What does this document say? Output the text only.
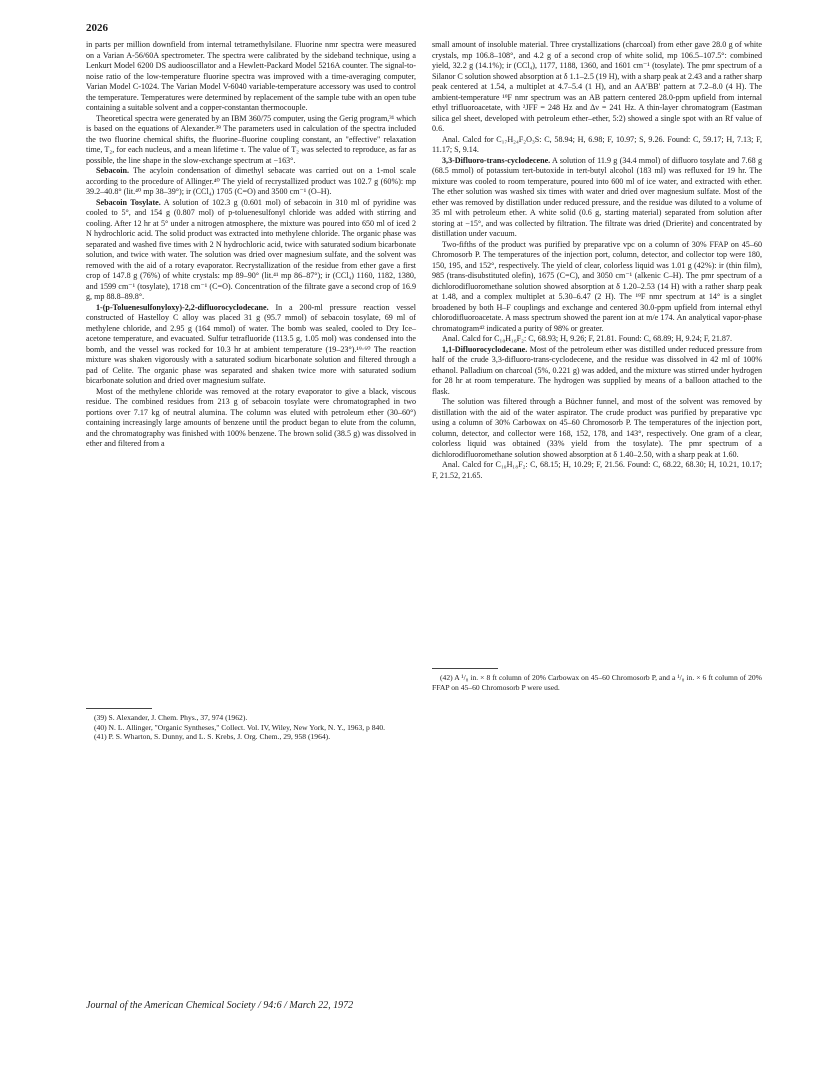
2026

in parts per million downfield from internal tetramethylsilane. Fluorine nmr spectra were measured on a Varian A-56/60A spectrometer. The spectra were calibrated by the sideband technique, using a Lenkurt Model 6200 DS audiooscillator and a Hewlett-Packard Model 5216A counter. The signal-to-noise ratio of the low-temperature fluorine spectra was improved with a time-averaging computer, Varian Model C-1024. The Varian Model V-6040 variable-temperature accessory was used to control the temperature. Temperatures were determined by replacement of the sample tube with an open tube containing a suitable solvent and a copper-constantan thermocouple.

Theoretical spectra were generated by an IBM 360/75 computer, using the Gerig program,³¹ which is based on the equations of Alexander.³⁹ The parameters used in calculation of the spectra included the two fluorine chemical shifts, the fluorine–fluorine coupling constant, an "effective" relaxation time, T₂, for each nucleus, and a mean lifetime τ. The value of T₂ was selected to reproduce, as far as possible, the line shape in the slow-exchange spectrum at −163°.

Sebacoin. The acyloin condensation of dimethyl sebacate was carried out on a 1-mol scale according to the procedure of Allinger.⁴⁰ The yield of recrystallized product was 102.7 g (60%): mp 39.2–40.8° (lit.⁴⁰ mp 38–39°); ir (CCl₄) 1705 (C=O) and 3500 cm⁻¹ (O–H).

Sebacoin Tosylate. A solution of 102.3 g (0.601 mol) of sebacoin in 310 ml of pyridine was cooled to 5°, and 154 g (0.807 mol) of p-toluenesulfonyl chloride was added with stirring and cooling. After 12 hr at 5° under a nitrogen atmosphere, the mixture was poured into 650 ml of iced 2 N hydrochloric acid. The solid product was extracted into methylene chloride. The organic phase was separated and washed five times with 2 N hydrochloric acid, twice with saturated sodium bicarbonate solution, and twice with water. The solution was dried over magnesium sulfate, and the solvent was removed with the aid of a rotary evaporator. Recrystallization of the residue from ether gave a first crop of 147.8 g (76%) of white crystals: mp 89–90° (lit.⁴¹ mp 86–87°); ir (CCl₄) 1160, 1182, 1380, and 1599 cm⁻¹ (tosylate), 1718 cm⁻¹ (C=O). Concentration of the filtrate gave a second crop of 16.9 g, mp 88.8–89.8°.

1-(p-Toluenesulfonyloxy)-2,2-difluorocyclodecane. In a 200-ml pressure reaction vessel constructed of Hastelloy C alloy was placed 31 g (95.7 mmol) of sebacoin tosylate, 69 ml of methylene chloride, and 2.95 g (164 mmol) of water. The bomb was sealed, cooled to Dry Ice–acetone temperature, and evacuated. Sulfur tetrafluoride (113.5 g, 1.05 mol) was condensed into the bomb, and the vessel was rocked for 10.3 hr at ambient temperature (19–23°).¹⁹·⁶⁰ The reaction mixture was shaken vigorously with a saturated sodium bicarbonate solution and filtered through a pad of Celite. The organic phase was separated and shaken twice more with saturated sodium bicarbonate solution and dried over magnesium sulfate.

Most of the methylene chloride was removed at the rotary evaporator to give a black, viscous residue. The combined residues from 213 g of sebacoin tosylate were chromatographed in two portions over 7.17 kg of neutral alumina. The column was eluted with petroleum ether (30–60°) containing increasingly large amounts of benzene until the product began to elute from the column, and the chromatography was finished with 100% benzene. The brown solid (38.5 g) was dissolved in ether and filtered from a

small amount of insoluble material. Three crystallizations (charcoal) from ether gave 28.0 g of white crystals, mp 106.8–108°, and 4.2 g of a second crop of white solid, mp 106.5–107.5°: combined yield, 32.2 g (14.1%); ir (CCl₄), 1177, 1188, 1360, and 1601 cm⁻¹ (tosylate). The pmr spectrum of a Silanor C solution showed absorption at δ 1.1–2.5 (19 H), with a sharp peak at 2.43 and a rather sharp peak centered at 1.54, a multiplet at 4.7–5.4 (1 H), and an AA′BB′ pattern at 7.2–8.0 (4 H). The ambient-temperature ¹⁹F nmr spectrum was an AB pattern centered 28.0-ppm upfield from internal ethyl trifluoroacetate, with ²JFF = 248 Hz and Δν = 241 Hz. A thin-layer chromatogram (Eastman silica gel sheet, developed with petroleum ether–ether, 5:2) showed a single spot with an Rf value of 0.6.

Anal. Calcd for C₁₇H₂₄F₂O₃S: C, 58.94; H, 6.98; F, 10.97; S, 9.26. Found: C, 59.17; H, 7.13; F, 11.17; S, 9.14.

3,3-Difluoro-trans-cyclodecene. A solution of 11.9 g (34.4 mmol) of difluoro tosylate and 7.68 g (68.5 mmol) of potassium tert-butoxide in tert-butyl alcohol (183 ml) was refluxed for 19 hr. The mixture was cooled to room temperature, poured into 600 ml of ice water, and extracted with ether. The ether solution was washed six times with water and dried over magnesium sulfate. Most of the ether was removed by distillation under reduced pressure, and the residue was diluted to a volume of 35 ml with petroleum ether. A white solid (0.6 g, starting material) separated from solution after storing at −15°, and was collected by filtration. The filtrate was dried (Drierite) and concentrated by distillation under vacuum.

Two-fifths of the product was purified by preparative vpc on a column of 30% FFAP on 45–60 Chromosorb P. The temperatures of the injection port, column, detector, and collector top were 180, 150, 195, and 152°, respectively. The yield of clear, colorless liquid was 1.01 g (42%): ir (thin film), 985 (trans-disubstituted olefin), 1675 (C=C), and 3050 cm⁻¹ (alkenic C–H). The pmr spectrum of a dichlorodifluoromethane solution showed absorption at δ 1.20–2.53 (14 H) with a rather sharp peak at 1.48, and a complex multiplet at 5.30–6.47 (2 H). The ¹⁹F nmr spectrum at 14° is a singlet broadened by both H–F couplings and exchange and centered 30.0-ppm upfield from internal ethyl chlorodifluoroacetate. A mass spectrum showed the parent ion at m/e 174. An analytical vapor-phase chromatogram⁴² indicated a purity of 98% or greater.

Anal. Calcd for C₁₀H₁₆F₂: C, 68.93; H, 9.26; F, 21.81. Found: C, 68.89; H, 9.24; F, 21.87.

1,1-Difluorocyclodecane. Most of the petroleum ether was distilled under reduced pressure from half of the crude 3,3-difluoro-trans-cyclodecene, and the residue was dissolved in 42 ml of 100% ethanol. Palladium on charcoal (5%, 0.221 g) was added, and the mixture was stirred under hydrogen for 28 hr at room temperature. The hydrogen was supplied by means of a balloon attached to the flask.

The solution was filtered through a Büchner funnel, and most of the solvent was removed by distillation with the aid of the water aspirator. The crude product was purified by preparative vpc using a column of 30% Carbowax on 45–60 Chromosorb P. The temperatures of the injection port, column, detector, and collector were 168, 152, 178, and 143°, respectively. One gram of a clear, colorless liquid was obtained (33% yield from the tosylate). The pmr spectrum of a dichlorodifluoromethane solution showed absorption at δ 1.40–2.50, with a sharp peak at 1.60.

Anal. Calcd for C₁₀H₁₈F₂: C, 68.15; H, 10.29; F, 21.56. Found: C, 68.22, 68.30; H, 10.21, 10.17; F, 21.52, 21.65.

(39) S. Alexander, J. Chem. Phys., 37, 974 (1962).

(40) N. L. Allinger, "Organic Syntheses," Collect. Vol. IV, Wiley, New York, N. Y., 1963, p 840.

(41) P. S. Wharton, S. Dunny, and L. S. Krebs, J. Org. Chem., 29, 958 (1964).

(42) A ¹/₈ in. × 8 ft column of 20% Carbowax on 45–60 Chromosorb P, and a ¹/₈ in. × 6 ft column of 20% FFAP on 45–60 Chromosorb P were used.

Journal of the American Chemical Society / 94:6 / March 22, 1972
